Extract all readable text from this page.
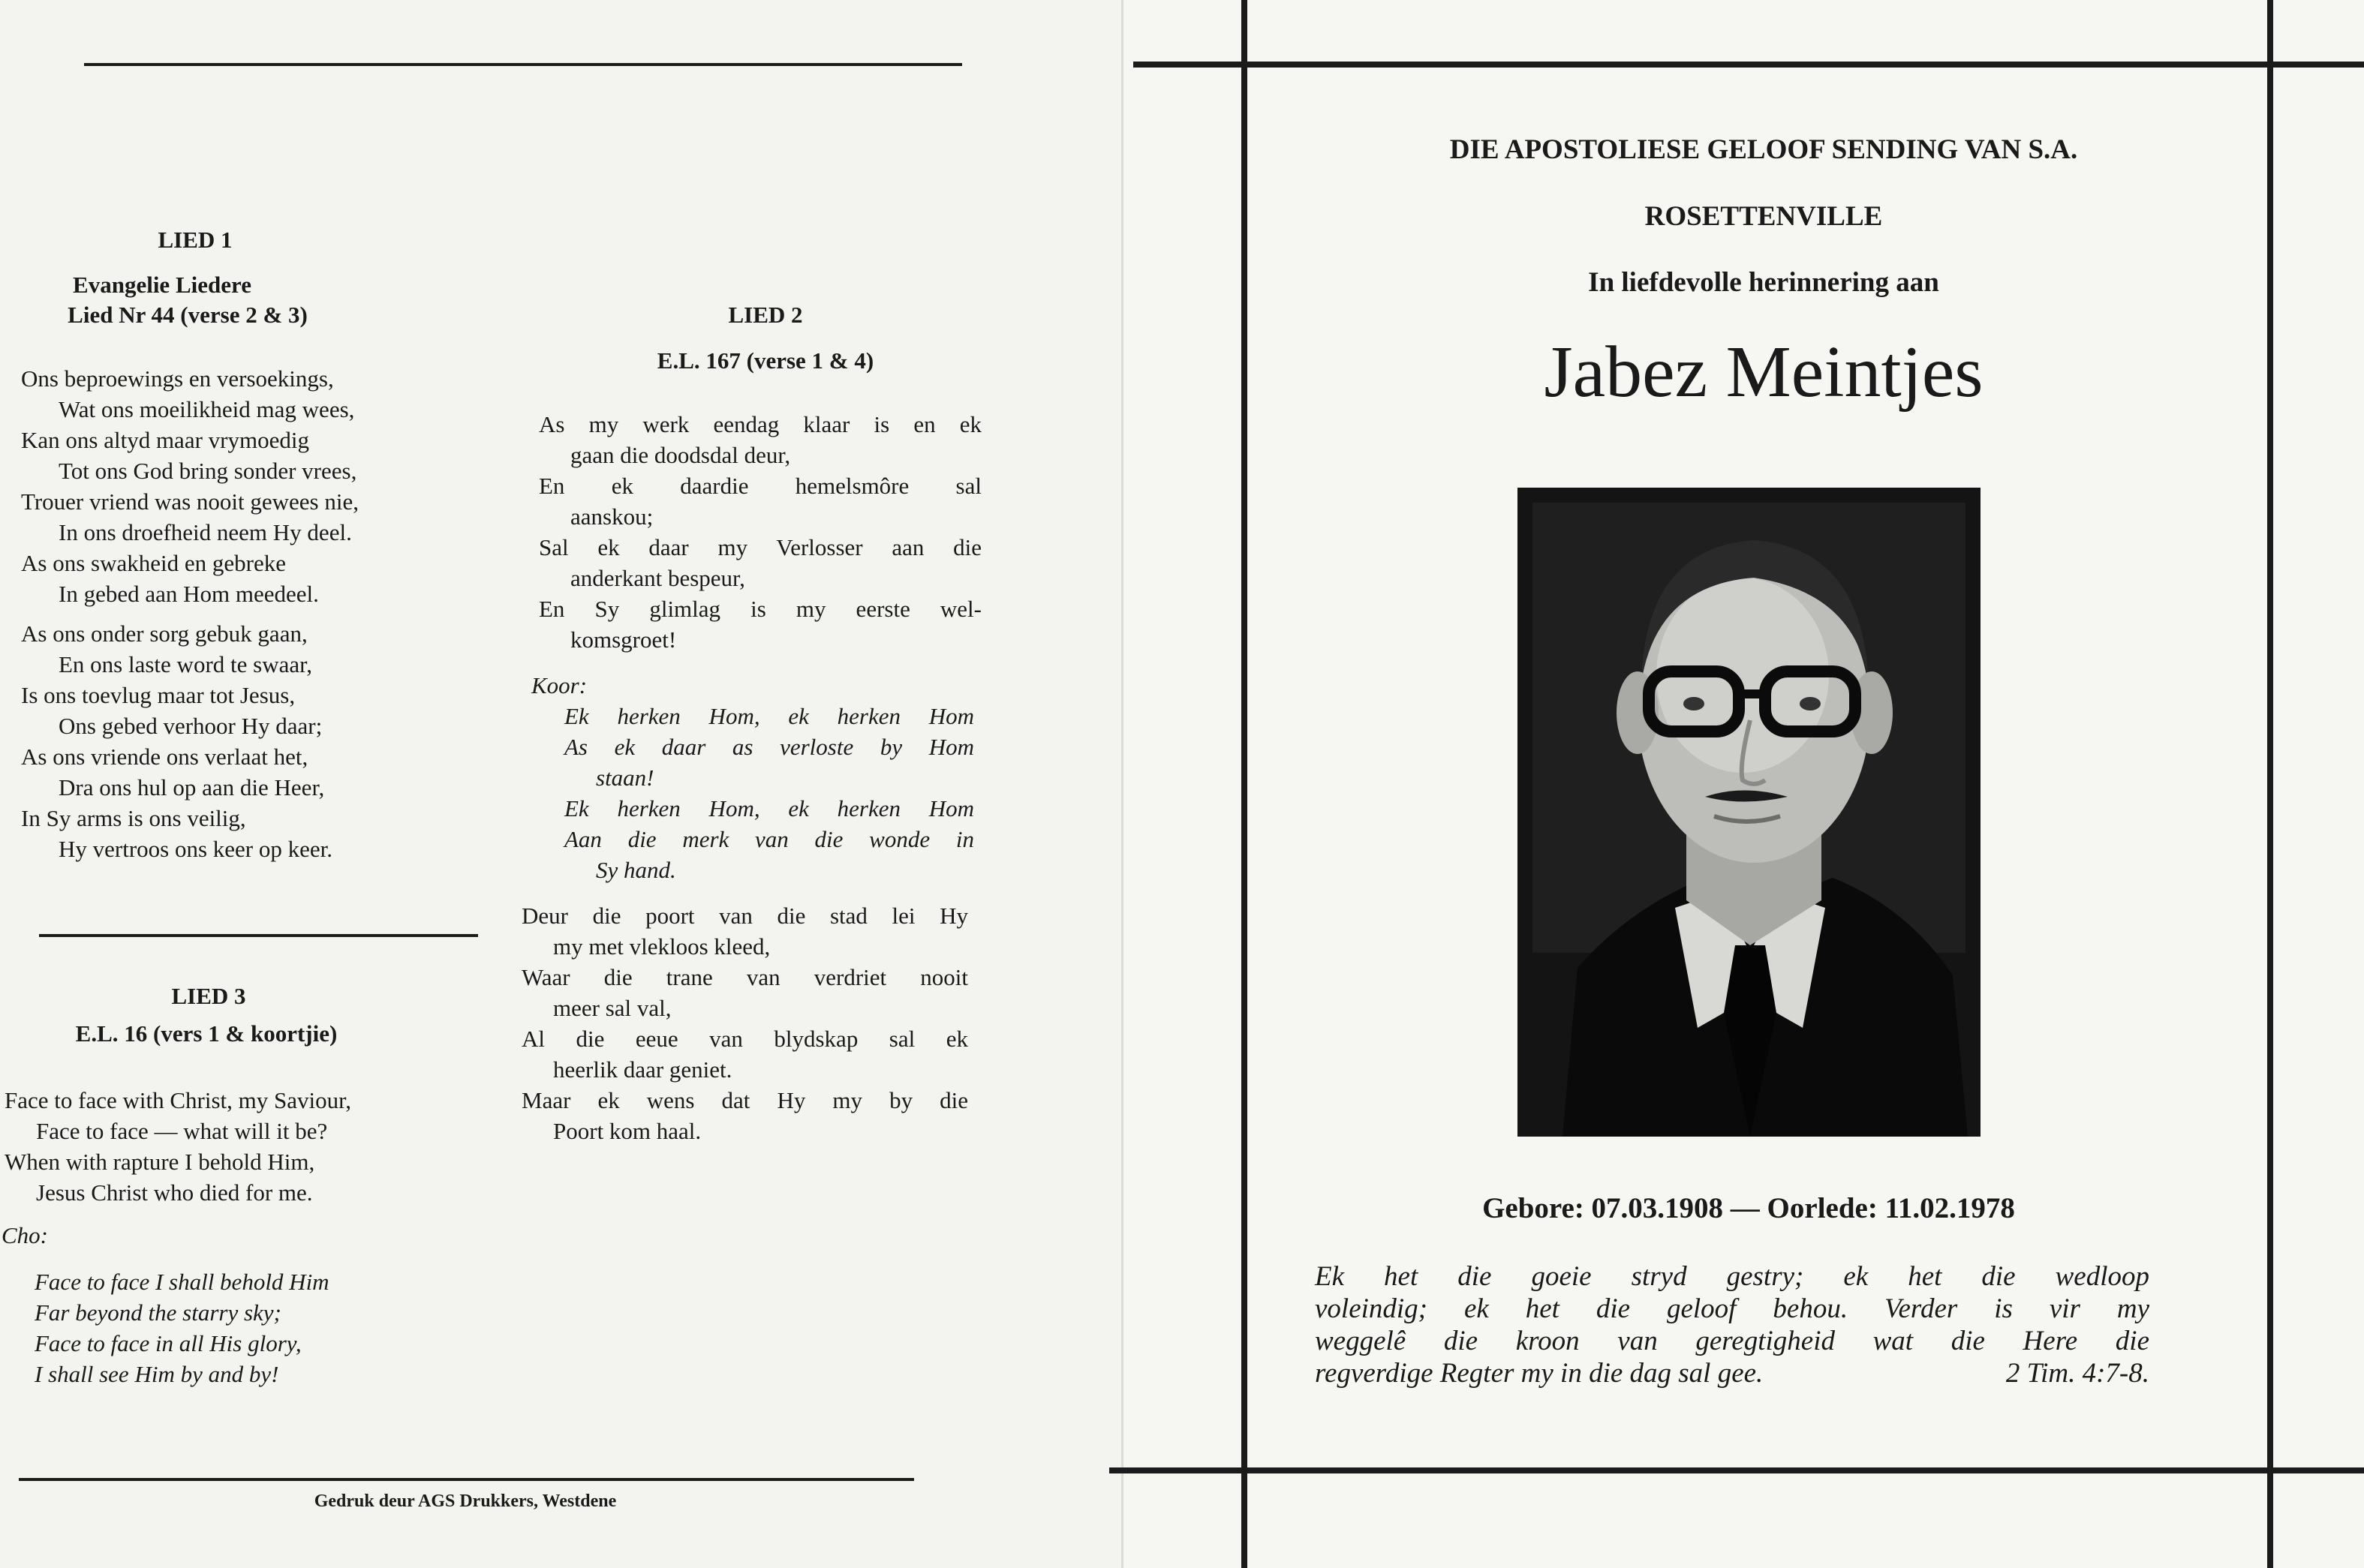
LIED 1
Evangelie Liedere
Lied Nr 44 (verse 2 & 3)
Ons beproewings en versoekings,
Wat ons moeilikheid mag wees,
Kan ons altyd maar vrymoedig
Tot ons God bring sonder vrees,
Trouer vriend was nooit gewees nie,
In ons droefheid neem Hy deel.
As ons swakheid en gebreke
In gebed aan Hom meedeel.
As ons onder sorg gebuk gaan,
En ons laste word te swaar,
Is ons toevlug maar tot Jesus,
Ons gebed verhoor Hy daar;
As ons vriende ons verlaat het,
Dra ons hul op aan die Heer,
In Sy arms is ons veilig,
Hy vertroos ons keer op keer.
LIED 2
E.L. 167 (verse 1 & 4)
As my werk eendag klaar is en ek
gaan die doodsdal deur,
En ek daardie hemelsmôre sal
aanskou;
Sal ek daar my Verlosser aan die
anderkant bespeur,
En Sy glimlag is my eerste wel-
komsgroet!
Koor:
Ek herken Hom, ek herken Hom
As ek daar as verloste by Hom
staan!
Ek herken Hom, ek herken Hom
Aan die merk van die wonde in
Sy hand.
Deur die poort van die stad lei Hy
my met vlekloos kleed,
Waar die trane van verdriet nooit
meer sal val,
Al die eeue van blydskap sal ek
heerlik daar geniet.
Maar ek wens dat Hy my by die
Poort kom haal.
LIED 3
E.L. 16 (vers 1 & koortjie)
Face to face with Christ, my Saviour,
Face to face — what will it be?
When with rapture I behold Him,
Jesus Christ who died for me.
Cho:
Face to face I shall behold Him
Far beyond the starry sky;
Face to face in all His glory,
I shall see Him by and by!
Gedruk deur AGS Drukkers, Westdene
DIE APOSTOLIESE GELOOF SENDING VAN S.A.
ROSETTENVILLE
In liefdevolle herinnering aan
Jabez Meintjes
Gebore: 07.03.1908 — Oorlede: 11.02.1978
Ek het die goeie stryd gestry; ek het die wedloop
voleindig; ek het die geloof behou. Verder is vir my
weggelê die kroon van geregtigheid wat die Here die
regverdige Regter my in die dag sal gee.	2 Tim. 4:7-8.
